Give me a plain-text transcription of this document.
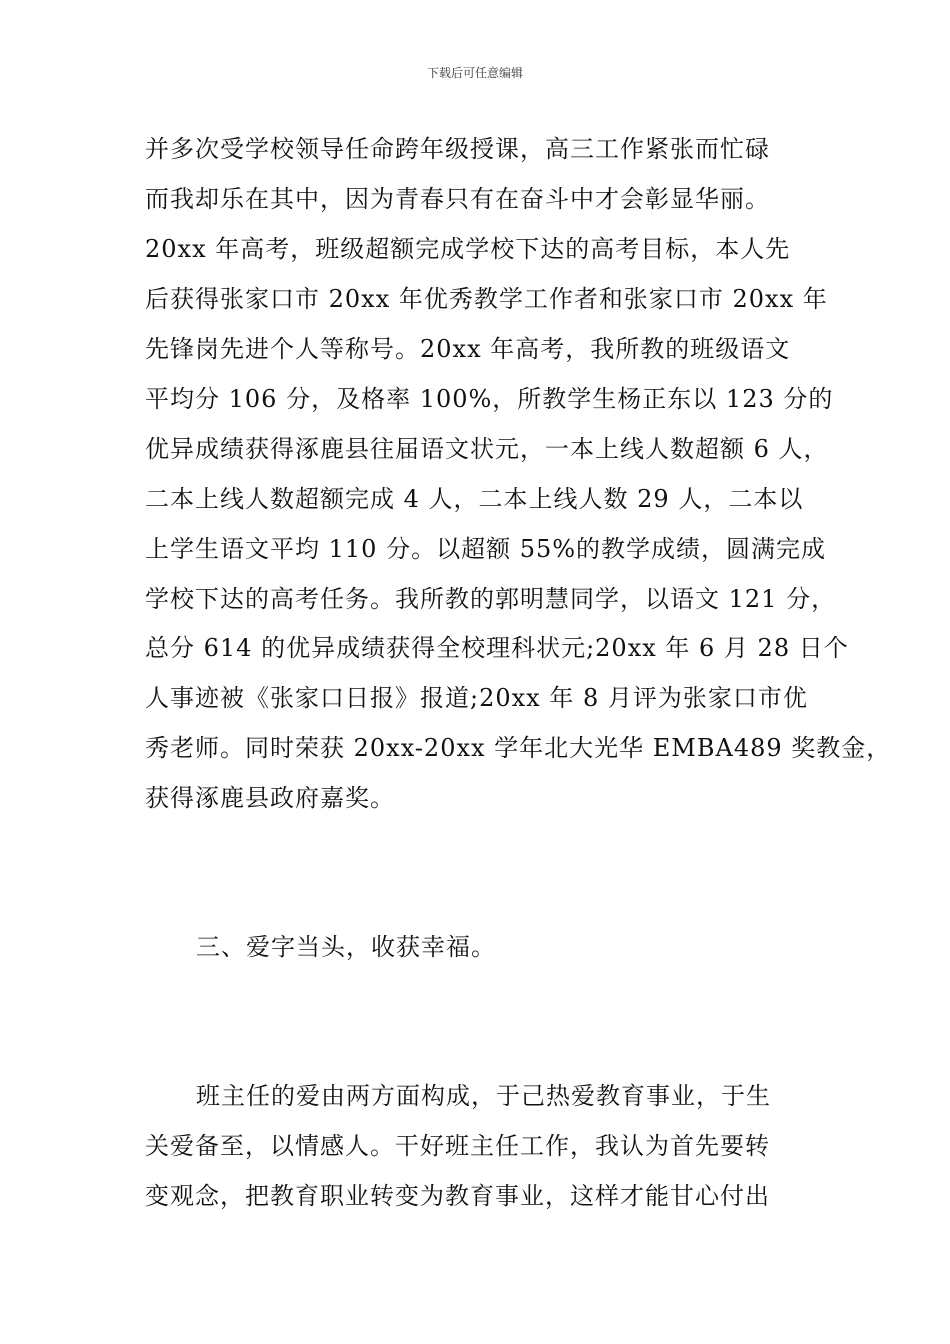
下载后可任意编辑
并多次受学校领导任命跨年级授课，高三工作紧张而忙碌
而我却乐在其中，因为青春只有在奋斗中才会彰显华丽。
20xx 年高考，班级超额完成学校下达的高考目标，本人先
后获得张家口市 20xx 年优秀教学工作者和张家口市 20xx 年
先锋岗先进个人等称号。20xx 年高考，我所教的班级语文
平均分 106 分，及格率 100%，所教学生杨正东以 123 分的
优异成绩获得涿鹿县往届语文状元，一本上线人数超额 6 人，
二本上线人数超额完成 4 人，二本上线人数 29 人，二本以
上学生语文平均 110 分。以超额 55%的教学成绩，圆满完成
学校下达的高考任务。我所教的郭明慧同学，以语文 121 分，
总分 614 的优异成绩获得全校理科状元;20xx 年 6 月 28 日个
人事迹被《张家口日报》报道;20xx 年 8 月评为张家口市优
秀老师。同时荣获 20xx-20xx 学年北大光华 EMBA489 奖教金，
获得涿鹿县政府嘉奖。
三、爱字当头，收获幸福。
班主任的爱由两方面构成，于己热爱教育事业，于生
关爱备至，以情感人。干好班主任工作，我认为首先要转
变观念，把教育职业转变为教育事业，这样才能甘心付出
